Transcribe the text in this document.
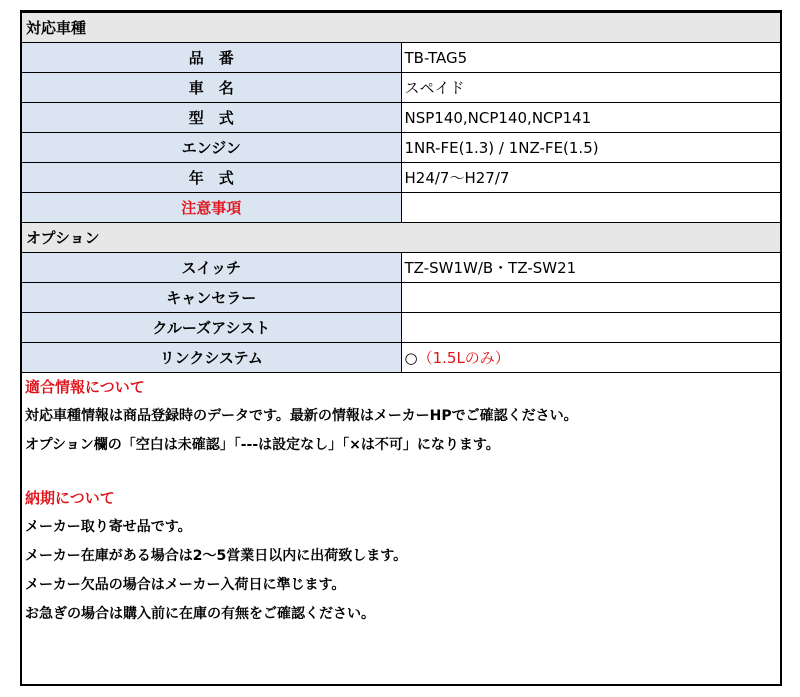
対応車種	
品　番	TB-TAG5
車　名	スペイド
型　式	NSP140,NCP140,NCP141
エンジン	1NR-FE(1.3) / 1NZ-FE(1.5)
年　式	H24/7〜H27/7
注意事項	
オプション	
スイッチ	TZ-SW1W/B・TZ-SW21
キャンセラー	
クルーズアシスト	
リンクシステム	○（1.5Lのみ）
適合情報について
対応車種情報は商品登録時のデータです。最新の情報はメーカーHPでご確認ください。
オプション欄の「空白は未確認」「---は設定なし」「×は不可」になります。
納期について
メーカー取り寄せ品です。
メーカー在庫がある場合は2〜5営業日以内に出荷致します。
メーカー欠品の場合はメーカー入荷日に準じます。
お急ぎの場合は購入前に在庫の有無をご確認ください。
